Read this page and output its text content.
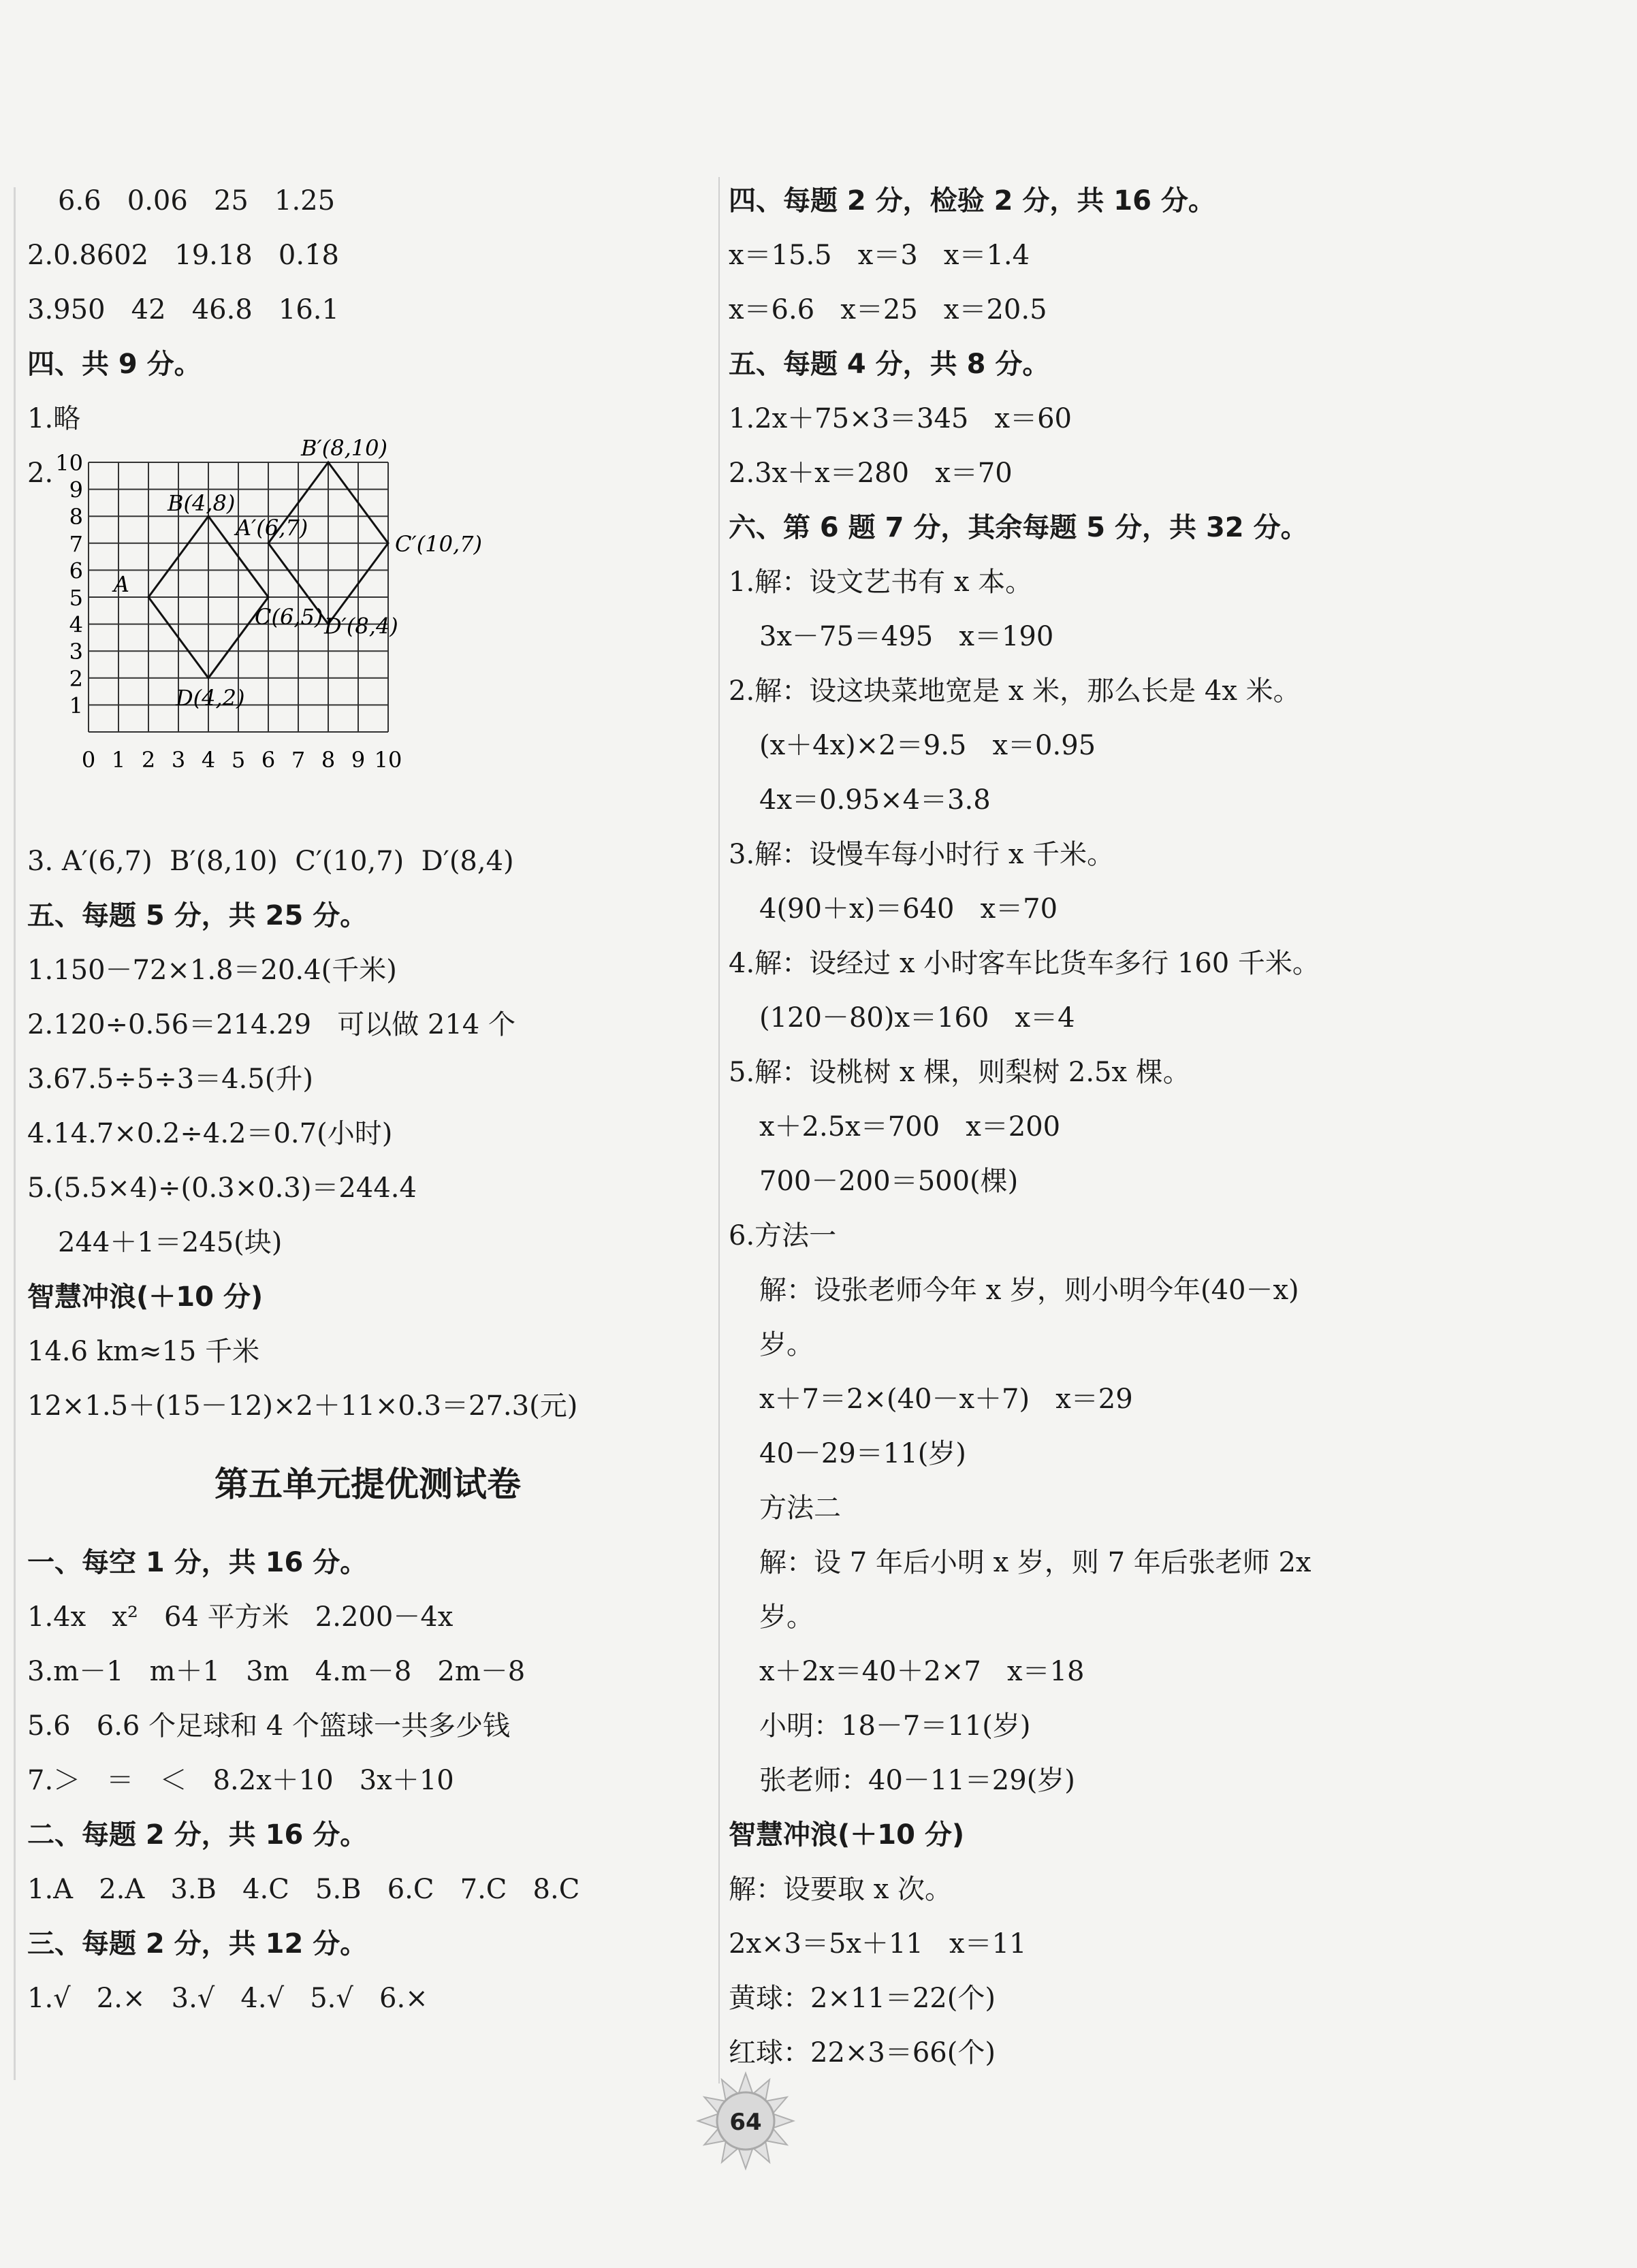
6.6   0.06   25   1.25
2.0.8602   19.18   0.1̇8
3.950   42   46.8   16.1
四、共 9 分。
1.略
2. 10
9
8
7
6
5
4
3
2
1
0 1 2 3 4 5 6 7 8 9 10
A
B(4,8)
C(6,5)
D(4,2)
A′(6,7)
B′(8,10)
C′(10,7)
D′(8,4)
3. A′(6,7)  B′(8,10)  C′(10,7)  D′(8,4)
五、每题 5 分，共 25 分。
1.150－72×1.8＝20.4(千米)
2.120÷0.56＝214.29   可以做 214 个
3.67.5÷5÷3＝4.5(升)
4.14.7×0.2÷4.2＝0.7(小时)
5.(5.5×4)÷(0.3×0.3)＝244.4̇
244＋1＝245(块)
智慧冲浪(＋10 分)
14.6 km≈15 千米
12×1.5＋(15－12)×2＋11×0.3＝27.3(元)
第五单元提优测试卷
一、每空 1 分，共 16 分。
1.4x   x²   64 平方米   2.200－4x
3.m－1   m＋1   3m   4.m－8   2m－8
5.6   6.6 个足球和 4 个篮球一共多少钱
7.＞   ＝   ＜   8.2x＋10   3x＋10
二、每题 2 分，共 16 分。
1.A   2.A   3.B   4.C   5.B   6.C   7.C   8.C
三、每题 2 分，共 12 分。
1.√   2.×   3.√   4.√   5.√   6.×
四、每题 2 分，检验 2 分，共 16 分。
x＝15.5   x＝3   x＝1.4
x＝6.6   x＝25   x＝20.5
五、每题 4 分，共 8 分。
1.2x＋75×3＝345   x＝60
2.3x＋x＝280   x＝70
六、第 6 题 7 分，其余每题 5 分，共 32 分。
1.解：设文艺书有 x 本。
3x－75＝495   x＝190
2.解：设这块菜地宽是 x 米，那么长是 4x 米。
(x＋4x)×2＝9.5   x＝0.95
4x＝0.95×4＝3.8
3.解：设慢车每小时行 x 千米。
4(90＋x)＝640   x＝70
4.解：设经过 x 小时客车比货车多行 160 千米。
(120－80)x＝160   x＝4
5.解：设桃树 x 棵，则梨树 2.5x 棵。
x＋2.5x＝700   x＝200
700－200＝500(棵)
6.方法一
解：设张老师今年 x 岁，则小明今年(40－x)
岁。
x＋7＝2×(40－x＋7)   x＝29
40－29＝11(岁)
方法二
解：设 7 年后小明 x 岁，则 7 年后张老师 2x
岁。
x＋2x＝40＋2×7   x＝18
小明：18－7＝11(岁)
张老师：40－11＝29(岁)
智慧冲浪(＋10 分)
解：设要取 x 次。
2x×3＝5x＋11   x＝11
黄球：2×11＝22(个)
红球：22×3＝66(个)
64
